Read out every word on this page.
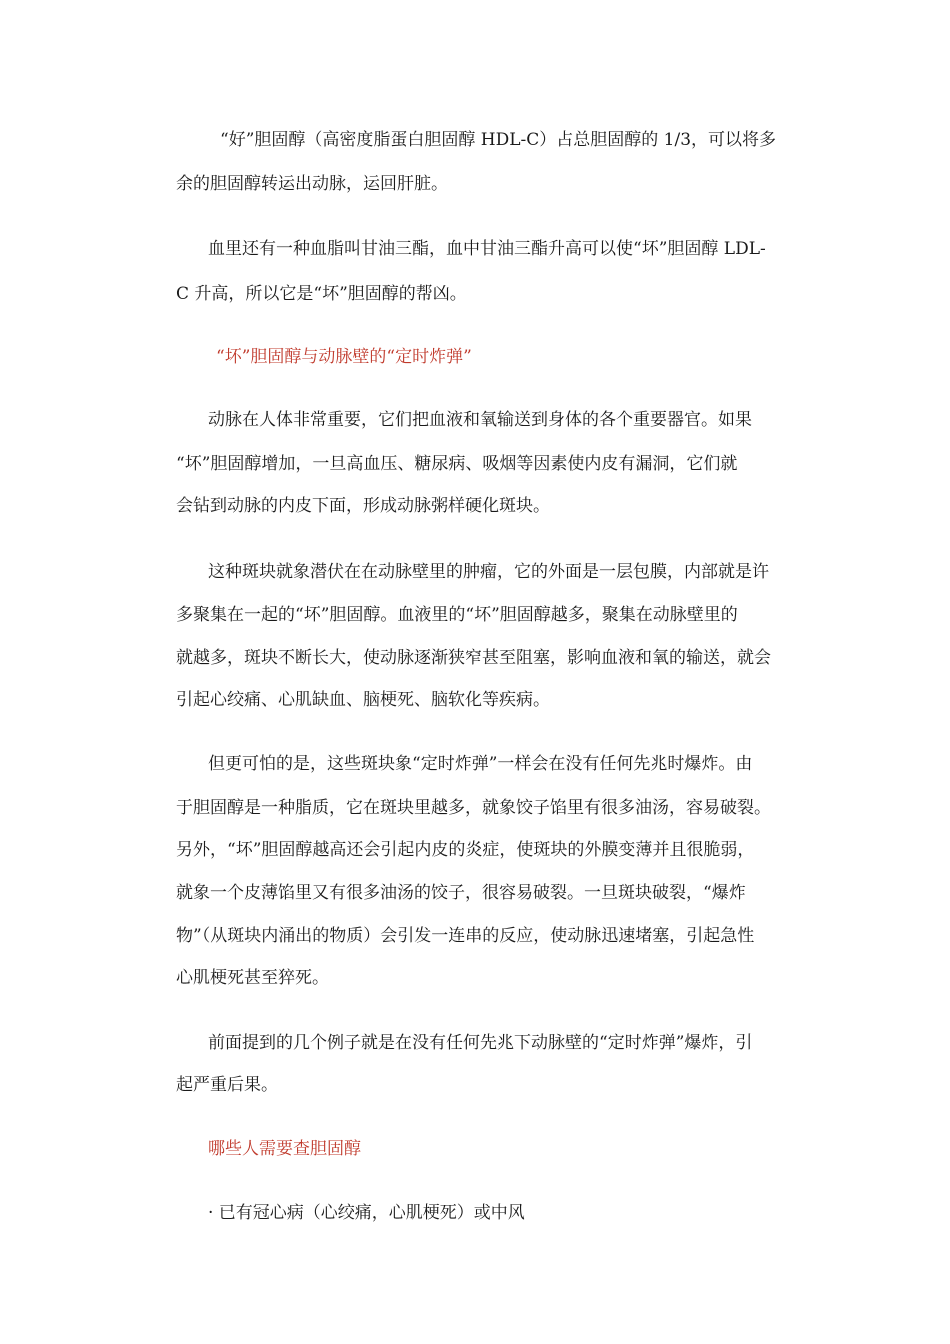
“好”胆固醇（高密度脂蛋白胆固醇 HDL-C）占总胆固醇的 1/3，可以将多
余的胆固醇转运出动脉，运回肝脏。
血里还有一种血脂叫甘油三酯，血中甘油三酯升高可以使“坏”胆固醇 LDL-
C 升高，所以它是“坏”胆固醇的帮凶。
“坏”胆固醇与动脉壁的“定时炸弹”
动脉在人体非常重要，它们把血液和氧输送到身体的各个重要器官。如果
“坏”胆固醇增加，一旦高血压、糖尿病、吸烟等因素使内皮有漏洞，它们就
会钻到动脉的内皮下面，形成动脉粥样硬化斑块。
这种斑块就象潜伏在在动脉壁里的肿瘤，它的外面是一层包膜，内部就是许
多聚集在一起的“坏”胆固醇。血液里的“坏”胆固醇越多，聚集在动脉壁里的
就越多，斑块不断长大，使动脉逐渐狭窄甚至阻塞，影响血液和氧的输送，就会
引起心绞痛、心肌缺血、脑梗死、脑软化等疾病。
但更可怕的是，这些斑块象“定时炸弹”一样会在没有任何先兆时爆炸。由
于胆固醇是一种脂质，它在斑块里越多，就象饺子馅里有很多油汤，容易破裂。
另外，“坏”胆固醇越高还会引起内皮的炎症，使斑块的外膜变薄并且很脆弱，
就象一个皮薄馅里又有很多油汤的饺子，很容易破裂。一旦斑块破裂，“爆炸
物”（从斑块内涌出的物质）会引发一连串的反应，使动脉迅速堵塞，引起急性
心肌梗死甚至猝死。
前面提到的几个例子就是在没有任何先兆下动脉壁的“定时炸弹”爆炸，引
起严重后果。
哪些人需要查胆固醇
· 已有冠心病（心绞痛，心肌梗死）或中风
